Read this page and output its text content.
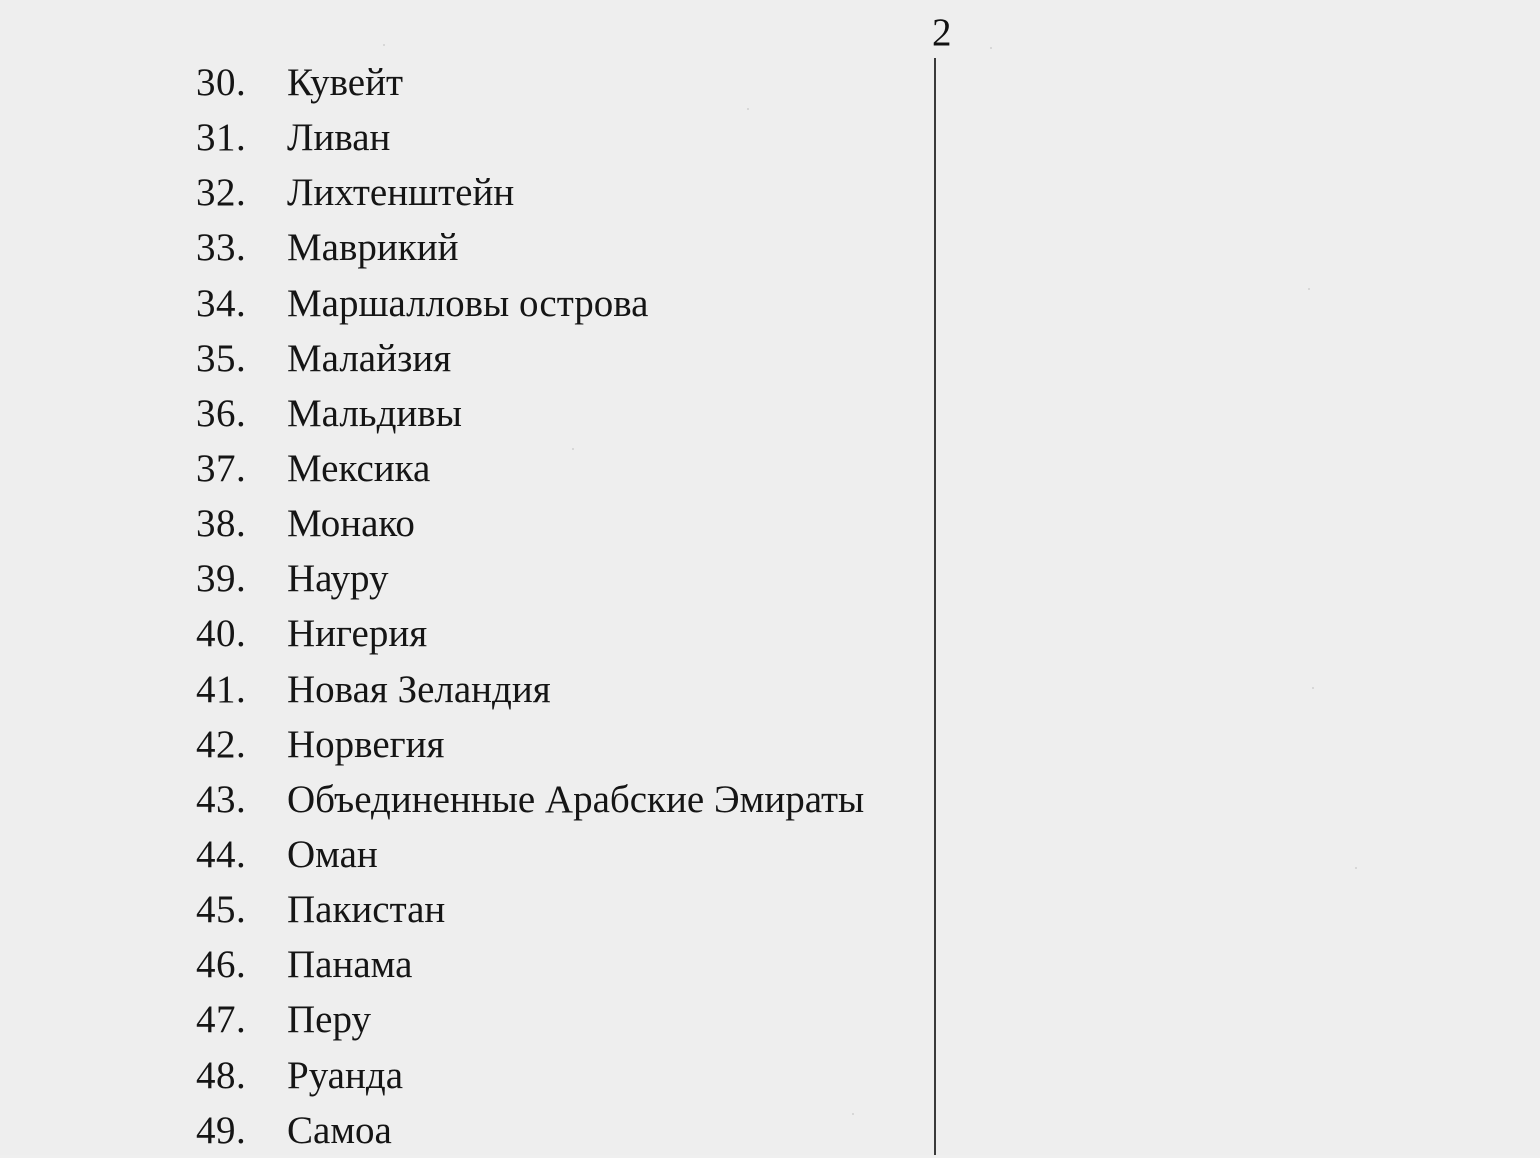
2
30.	Кувейт
31.	Ливан
32.	Лихтенштейн
33.	Маврикий
34.	Маршалловы острова
35.	Малайзия
36.	Мальдивы
37.	Мексика
38.	Монако
39.	Науру
40.	Нигерия
41.	Новая Зеландия
42.	Норвегия
43.	Объединенные Арабские Эмираты
44.	Оман
45.	Пакистан
46.	Панама
47.	Перу
48.	Руанда
49.	Самоа
